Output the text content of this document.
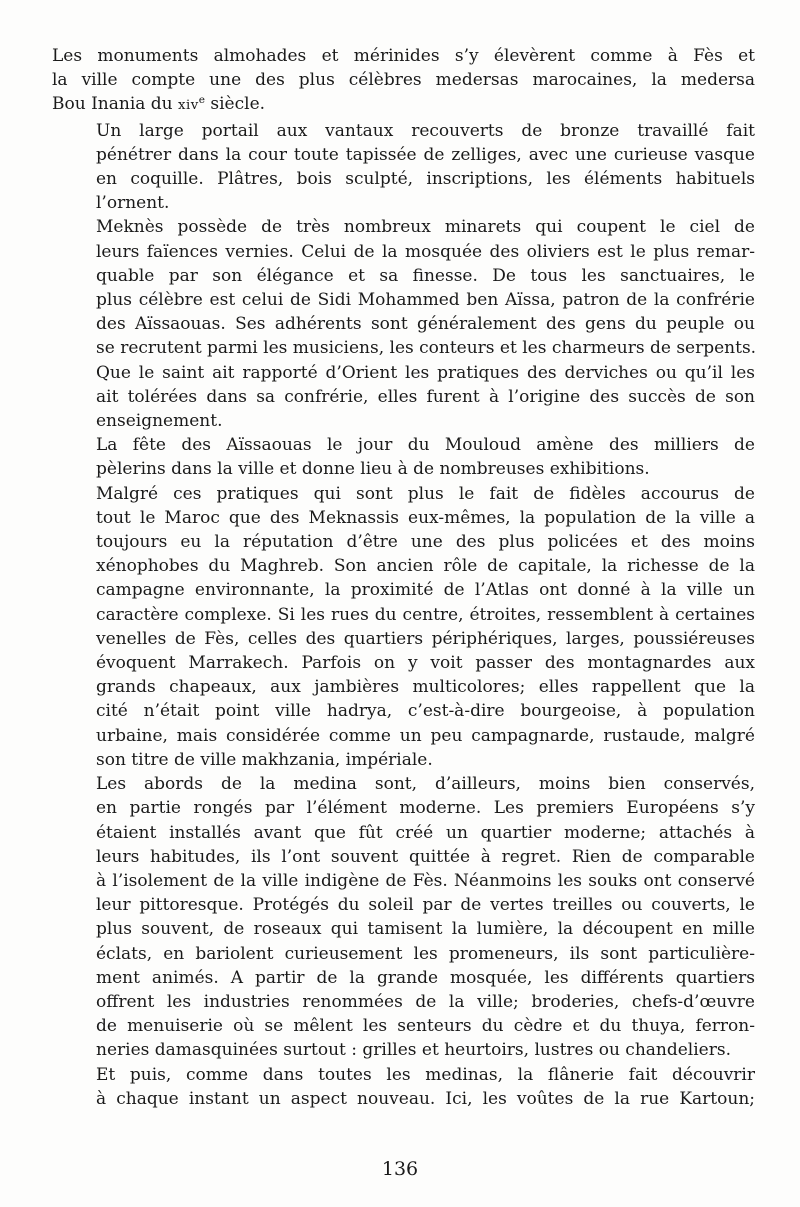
Les monuments almohades et mérinides s’y élevèrent comme à Fès et
la ville compte une des plus célèbres medersas marocaines, la medersa
Bou Inania du xiv$^e$ siècle.

Un large portail aux vantaux recouverts de bronze travaillé fait
pénétrer dans la cour toute tapissée de zelliges, avec une curieuse vasque
en coquille. Plâtres, bois sculpté, inscriptions, les éléments habituels
l’ornent.

Meknès possède de très nombreux minarets qui coupent le ciel de
leurs faïences vernies. Celui de la mosquée des oliviers est le plus remar-
quable par son élégance et sa finesse. De tous les sanctuaires, le
plus célèbre est celui de Sidi Mohammed ben Aïssa, patron de la confrérie
des Aïssaouas. Ses adhérents sont généralement des gens du peuple ou
se recrutent parmi les musiciens, les conteurs et les charmeurs de serpents.
Que le saint ait rapporté d’Orient les pratiques des derviches ou qu’il les
ait tolérées dans sa confrérie, elles furent à l’origine des succès de son
enseignement.

La fête des Aïssaouas le jour du Mouloud amène des milliers de
pèlerins dans la ville et donne lieu à de nombreuses exhibitions.

Malgré ces pratiques qui sont plus le fait de fidèles accourus de
tout le Maroc que des Meknassis eux-mêmes, la population de la ville a
toujours eu la réputation d’être une des plus policées et des moins
xénophobes du Maghreb. Son ancien rôle de capitale, la richesse de la
campagne environnante, la proximité de l’Atlas ont donné à la ville un
caractère complexe. Si les rues du centre, étroites, ressemblent à certaines
venelles de Fès, celles des quartiers périphériques, larges, poussiéreuses
évoquent Marrakech. Parfois on y voit passer des montagnardes aux
grands chapeaux, aux jambières multicolores; elles rappellent que la
cité n’était point ville hadrya, c’est-à-dire bourgeoise, à population
urbaine, mais considérée comme un peu campagnarde, rustaude, malgré
son titre de ville makhzania, impériale.

Les abords de la medina sont, d’ailleurs, moins bien conservés,
en partie rongés par l’élément moderne. Les premiers Européens s’y
étaient installés avant que fût créé un quartier moderne; attachés à
leurs habitudes, ils l’ont souvent quittée à regret. Rien de comparable
à l’isolement de la ville indigène de Fès. Néanmoins les souks ont conservé
leur pittoresque. Protégés du soleil par de vertes treilles ou couverts, le
plus souvent, de roseaux qui tamisent la lumière, la découpent en mille
éclats, en bariolent curieusement les promeneurs, ils sont particulière-
ment animés. A partir de la grande mosquée, les différents quartiers
offrent les industries renommées de la ville; broderies, chefs-d’œuvre
de menuiserie où se mêlent les senteurs du cèdre et du thuya, ferron-
neries damasquinées surtout : grilles et heurtoirs, lustres ou chandeliers.

Et puis, comme dans toutes les medinas, la flânerie fait découvrir
à chaque instant un aspect nouveau. Ici, les voûtes de la rue Kartoun;

136
